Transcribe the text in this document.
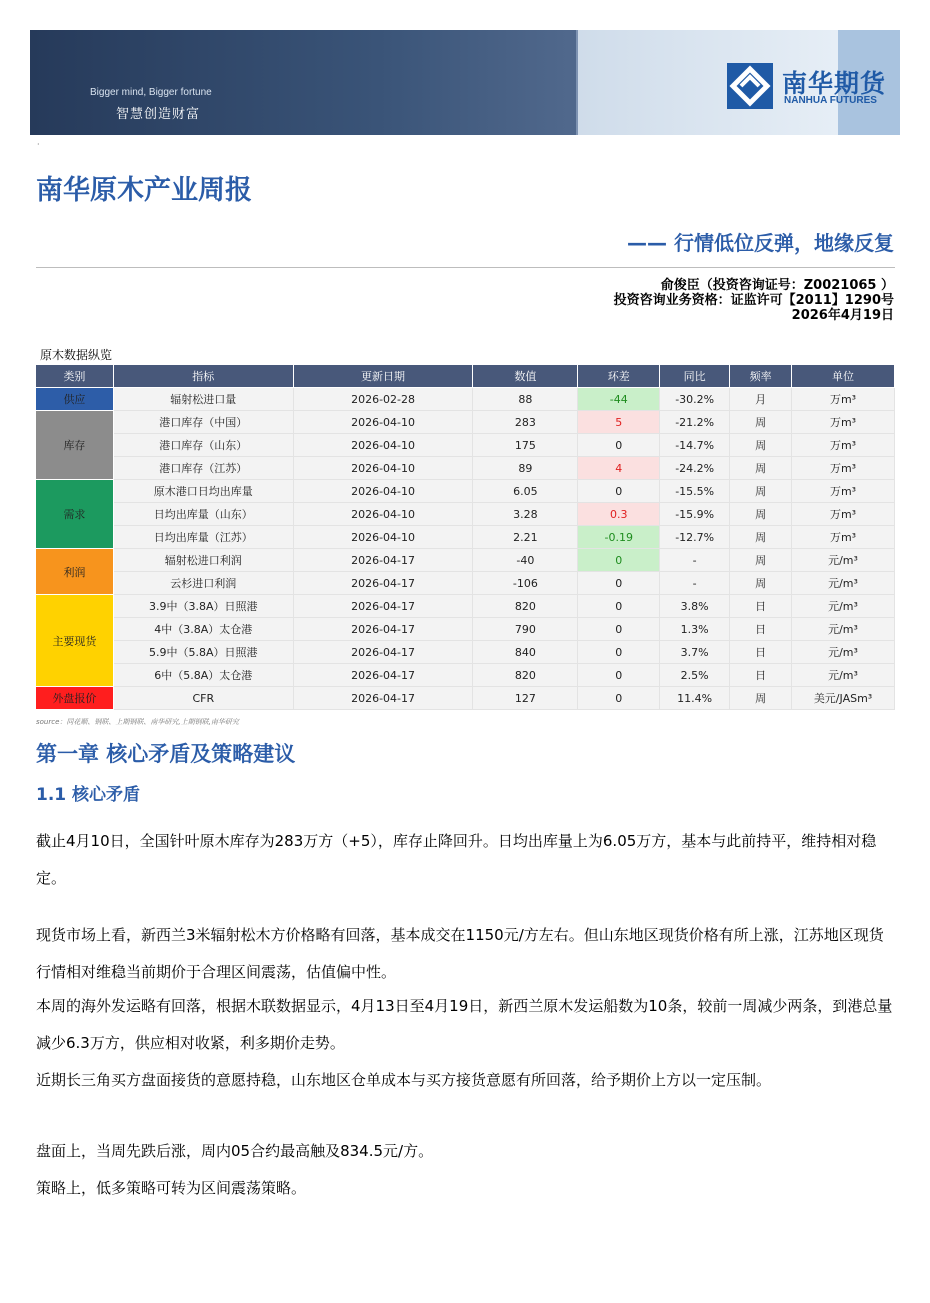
Bigger mind, Bigger fortune
智慧创造财富
南华期货
NANHUA FUTURES
·
南华原木产业周报
—— 行情低位反弹，地缘反复
俞俊臣（投资咨询证号：Z0021065 ）
投资咨询业务资格：证监许可【2011】1290号
2026年4月19日
原木数据纵览
类别	指标	更新日期	数值	环差	同比	频率	单位
供应	辐射松进口量	2026-02-28	88	-44	-30.2%	月	万m³
库存	港口库存（中国）	2026-04-10	283	5	-21.2%	周	万m³
	港口库存（山东）	2026-04-10	175	0	-14.7%	周	万m³
	港口库存（江苏）	2026-04-10	89	4	-24.2%	周	万m³
需求	原木港口日均出库量	2026-04-10	6.05	0	-15.5%	周	万m³
	日均出库量（山东）	2026-04-10	3.28	0.3	-15.9%	周	万m³
	日均出库量（江苏）	2026-04-10	2.21	-0.19	-12.7%	周	万m³
利润	辐射松进口利润	2026-04-17	-40	0	-	周	元/m³
	云杉进口利润	2026-04-17	-106	0	-	周	元/m³
主要现货	3.9中（3.8A）日照港	2026-04-17	820	0	3.8%	日	元/m³
	4中（3.8A）太仓港	2026-04-17	790	0	1.3%	日	元/m³
	5.9中（5.8A）日照港	2026-04-17	840	0	3.7%	日	元/m³
	6中（5.8A）太仓港	2026-04-17	820	0	2.5%	日	元/m³
外盘报价	CFR	2026-04-17	127	0	11.4%	周	美元/JASm³
source：同花顺、钢联、上期钢联、南华研究,上期钢联,南华研究
第一章 核心矛盾及策略建议
1.1 核心矛盾

截止4月10日，全国针叶原木库存为283万方（+5），库存止降回升。日均出库量上为6.05万方，基本与此前持平，维持相对稳定。

现货市场上看，新西兰3米辐射松木方价格略有回落，基本成交在1150元/方左右。但山东地区现货价格有所上涨，江苏地区现货行情相对维稳当前期价于合理区间震荡，估值偏中性。

本周的海外发运略有回落，根据木联数据显示，4月13日至4月19日，新西兰原木发运船数为10条，较前一周减少两条，到港总量减少6.3万方，供应相对收紧，利多期价走势。

近期长三角买方盘面接货的意愿持稳，山东地区仓单成本与买方接货意愿有所回落，给予期价上方以一定压制。

盘面上，当周先跌后涨，周内05合约最高触及834.5元/方。

策略上，低多策略可转为区间震荡策略。
